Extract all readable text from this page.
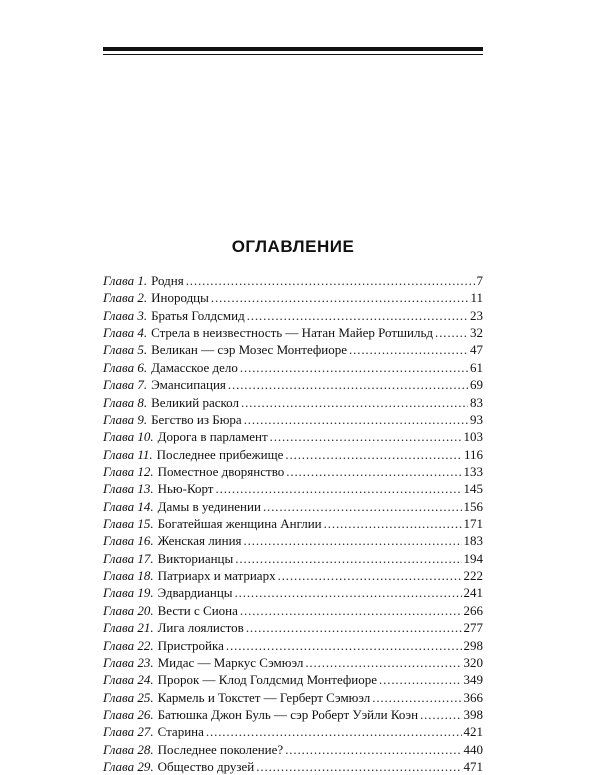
ОГЛАВЛЕНИЕ
Глава 1. Родня . . .	7
Глава 2. Инородцы . . .	11
Глава 3. Братья Голдсмид . . .	23
Глава 4. Стрела в неизвестность — Натан Майер Ротшильд . . .	32
Глава 5. Великан — сэр Мозес Монтефиоре . . .	47
Глава 6. Дамасское дело . . .	61
Глава 7. Эмансипация . . .	69
Глава 8. Великий раскол . . .	83
Глава 9. Бегство из Бюра . . .	93
Глава 10. Дорога в парламент . . .	103
Глава 11. Последнее прибежище . . .	116
Глава 12. Поместное дворянство . . .	133
Глава 13. Нью-Корт . . .	145
Глава 14. Дамы в уединении . . .	156
Глава 15. Богатейшая женщина Англии . . .	171
Глава 16. Женская линия . . .	183
Глава 17. Викторианцы . . .	194
Глава 18. Патриарх и матриарх . . .	222
Глава 19. Эдвардианцы . . .	241
Глава 20. Вести с Сиона . . .	266
Глава 21. Лига лоялистов . . .	277
Глава 22. Пристройка . . .	298
Глава 23. Мидас — Маркус Сэмюэл . . .	320
Глава 24. Пророк — Клод Голдсмид Монтефиоре . . .	349
Глава 25. Кармель и Токстет — Герберт Сэмюэл . . .	366
Глава 26. Батюшка Джон Буль — сэр Роберт Уэйли Коэн . . .	398
Глава 27. Старина . . .	421
Глава 28. Последнее поколение? . . .	440
Глава 29. Общество друзей . . .	471
